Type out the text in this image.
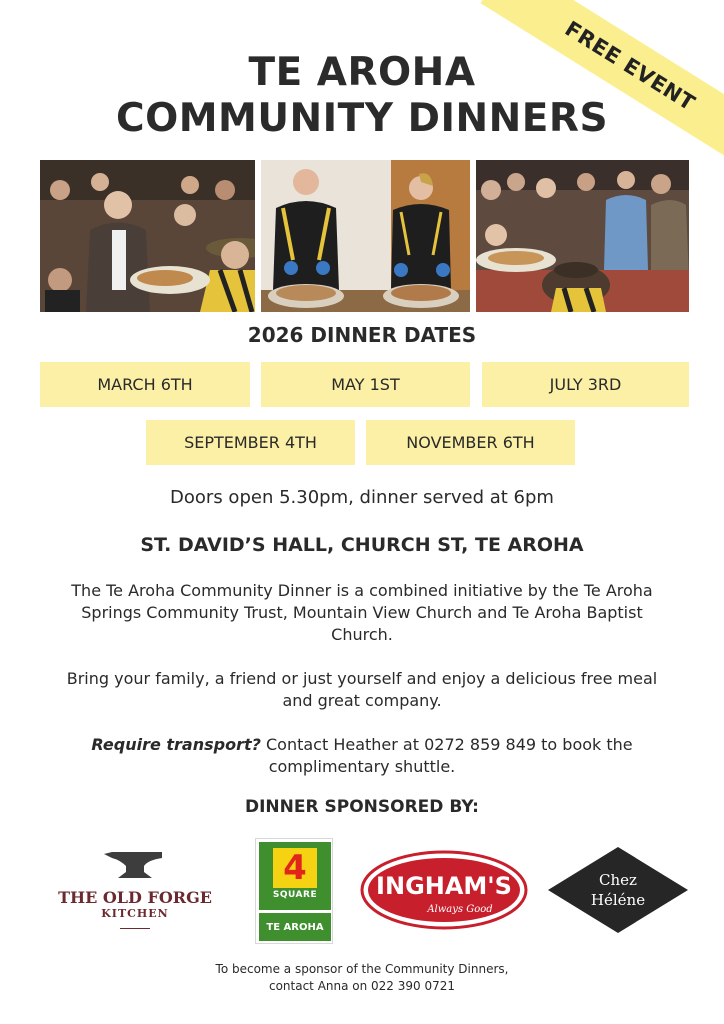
FREE EVENT
TE AROHA
COMMUNITY DINNERS
2026 DINNER DATES
MARCH 6TH	MAY 1ST	JULY 3RD
SEPTEMBER 4TH	NOVEMBER 6TH
Doors open 5.30pm, dinner served at 6pm
ST. DAVID’S HALL, CHURCH ST, TE AROHA
The Te Aroha Community Dinner is a combined initiative by the Te Aroha Springs Community Trust, Mountain View Church and Te Aroha Baptist Church.
Bring your family, a friend or just yourself and enjoy a delicious free meal and great company.
Require transport? Contact Heather at 0272 859 849 to book the complimentary shuttle.
DINNER SPONSORED BY:
THE OLD FORGE
KITCHEN
4
SQUARE
TE AROHA
INGHAM'S
Always Good
Chez
Héléne
To become a sponsor of the Community Dinners,
contact Anna on 022 390 0721
